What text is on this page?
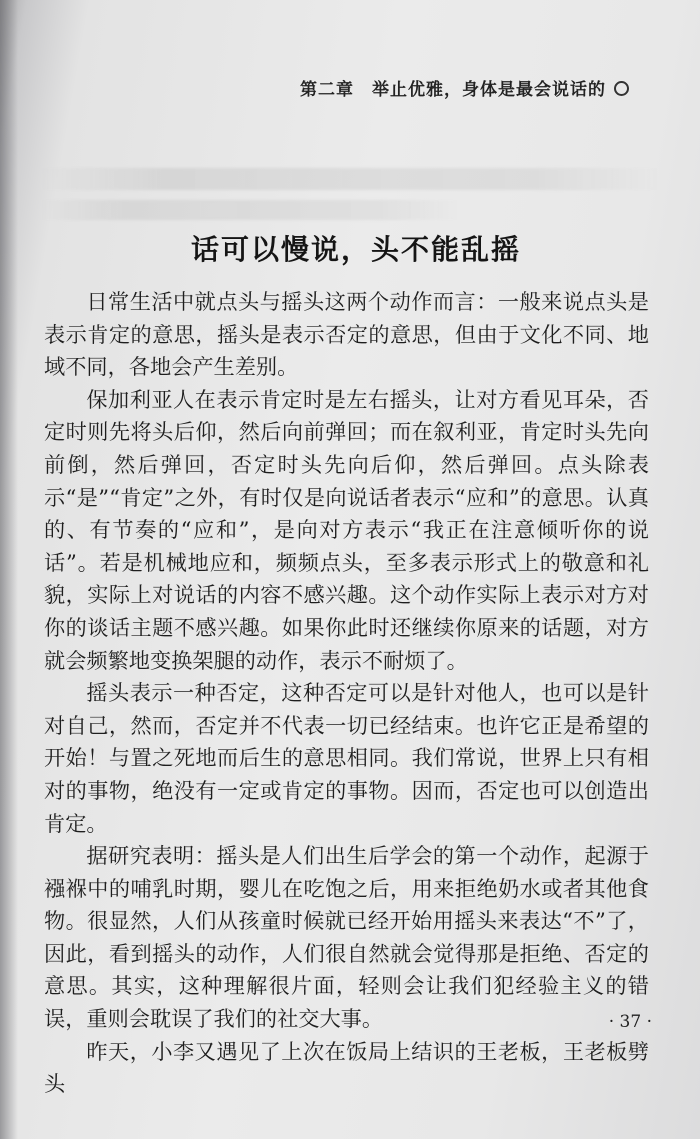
第二章 举止优雅，身体是最会说话的
话可以慢说，头不能乱摇

日常生活中就点头与摇头这两个动作而言：一般来说点头是表示肯定的意思，摇头是表示否定的意思，但由于文化不同、地域不同，各地会产生差别。

保加利亚人在表示肯定时是左右摇头，让对方看见耳朵，否定时则先将头后仰，然后向前弹回；而在叙利亚，肯定时头先向前倒，然后弹回，否定时头先向后仰，然后弹回。点头除表示“是”“肯定”之外，有时仅是向说话者表示“应和”的意思。认真的、有节奏的“应和”，是向对方表示“我正在注意倾听你的说话”。若是机械地应和，频频点头，至多表示形式上的敬意和礼貌，实际上对说话的内容不感兴趣。这个动作实际上表示对方对你的谈话主题不感兴趣。如果你此时还继续你原来的话题，对方就会频繁地变换架腿的动作，表示不耐烦了。

摇头表示一种否定，这种否定可以是针对他人，也可以是针对自己，然而，否定并不代表一切已经结束。也许它正是希望的开始！与置之死地而后生的意思相同。我们常说，世界上只有相对的事物，绝没有一定或肯定的事物。因而，否定也可以创造出肯定。

据研究表明：摇头是人们出生后学会的第一个动作，起源于襁褓中的哺乳时期，婴儿在吃饱之后，用来拒绝奶水或者其他食物。很显然，人们从孩童时候就已经开始用摇头来表达“不”了，因此，看到摇头的动作，人们很自然就会觉得那是拒绝、否定的意思。其实，这种理解很片面，轻则会让我们犯经验主义的错误，重则会耽误了我们的社交大事。

昨天，小李又遇见了上次在饭局上结识的王老板，王老板劈头

· 37 ·
